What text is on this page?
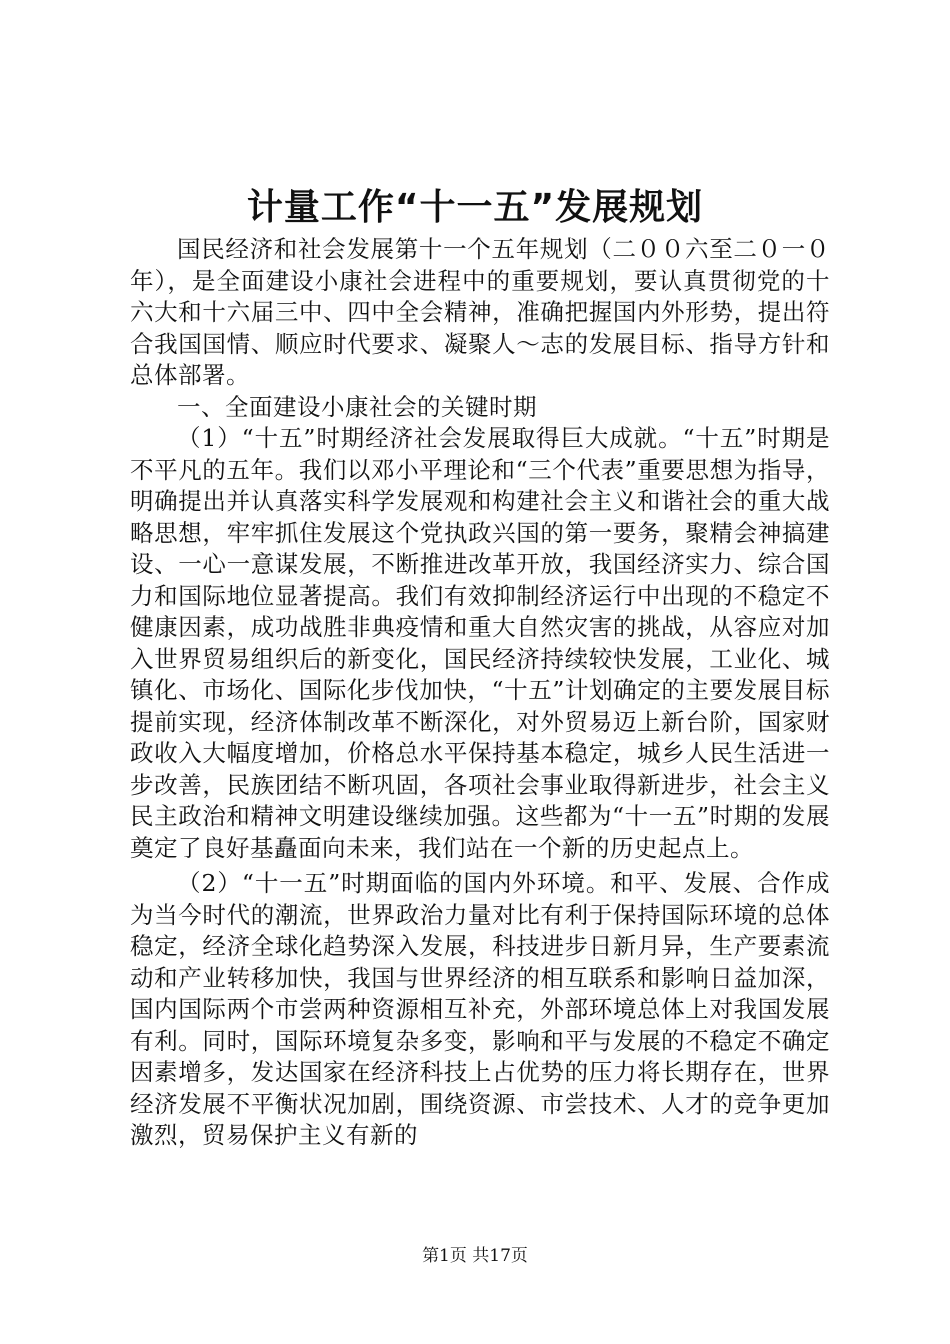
计量工作“十一五”发展规划

国民经济和社会发展第十一个五年规划（二００六至二０一０年），是全面建设小康社会进程中的重要规划，要认真贯彻党的十六大和十六届三中、四中全会精神，准确把握国内外形势，提出符合我国国情、顺应时代要求、凝聚人～志的发展目标、指导方针和总体部署。

一、全面建设小康社会的关键时期

（1）“十五”时期经济社会发展取得巨大成就。“十五”时期是不平凡的五年。我们以邓小平理论和“三个代表”重要思想为指导，明确提出并认真落实科学发展观和构建社会主义和谐社会的重大战略思想，牢牢抓住发展这个党执政兴国的第一要务，聚精会神搞建设、一心一意谋发展，不断推进改革开放，我国经济实力、综合国力和国际地位显著提高。我们有效抑制经济运行中出现的不稳定不健康因素，成功战胜非典疫情和重大自然灾害的挑战，从容应对加入世界贸易组织后的新变化，国民经济持续较快发展，工业化、城镇化、市场化、国际化步伐加快，“十五”计划确定的主要发展目标提前实现，经济体制改革不断深化，对外贸易迈上新台阶，国家财政收入大幅度增加，价格总水平保持基本稳定，城乡人民生活进一步改善，民族团结不断巩固，各项社会事业取得新进步，社会主义民主政治和精神文明建设继续加强。这些都为“十一五”时期的发展奠定了良好基矗面向未来，我们站在一个新的历史起点上。

（2）“十一五”时期面临的国内外环境。和平、发展、合作成为当今时代的潮流，世界政治力量对比有利于保持国际环境的总体稳定，经济全球化趋势深入发展，科技进步日新月异，生产要素流动和产业转移加快，我国与世界经济的相互联系和影响日益加深，国内国际两个市尝两种资源相互补充，外部环境总体上对我国发展有利。同时，国际环境复杂多变，影响和平与发展的不稳定不确定因素增多，发达国家在经济科技上占优势的压力将长期存在，世界经济发展不平衡状况加剧，围绕资源、市尝技术、人才的竞争更加激烈，贸易保护主义有新的

第1页 共17页
